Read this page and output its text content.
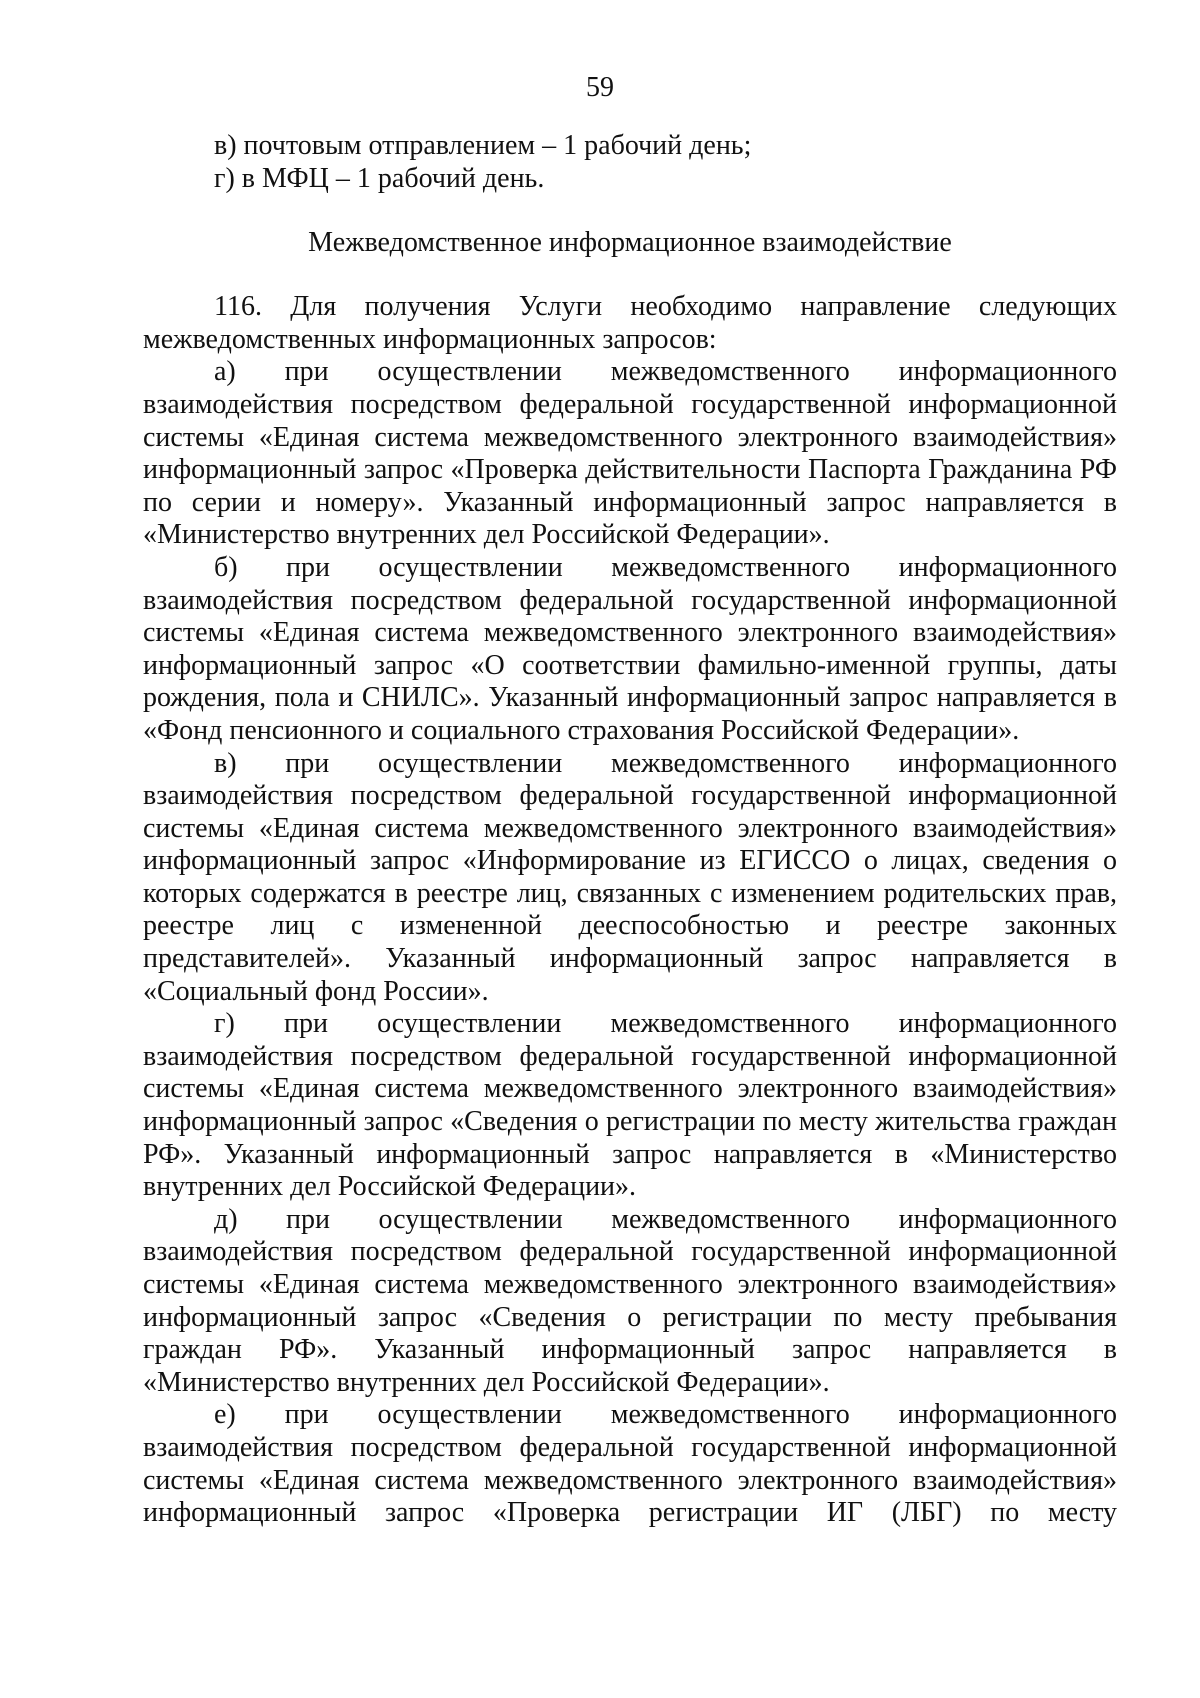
59

в) почтовым отправлением – 1 рабочий день;

г) в МФЦ – 1 рабочий день.

Межведомственное информационное взаимодействие

116. Для получения Услуги необходимо направление следующих

межведомственных информационных запросов:

а) при осуществлении межведомственного информационного

взаимодействия посредством федеральной государственной информационной

системы «Единая система межведомственного электронного взаимодействия»

информационный запрос «Проверка действительности Паспорта Гражданина РФ

по серии и номеру». Указанный информационный запрос направляется в

«Министерство внутренних дел Российской Федерации».

б) при осуществлении межведомственного информационного

взаимодействия посредством федеральной государственной информационной

системы «Единая система межведомственного электронного взаимодействия»

информационный запрос «О соответствии фамильно-именной группы, даты

рождения, пола и СНИЛС». Указанный информационный запрос направляется в

«Фонд пенсионного и социального страхования Российской Федерации».

в) при осуществлении межведомственного информационного

взаимодействия посредством федеральной государственной информационной

системы «Единая система межведомственного электронного взаимодействия»

информационный запрос «Информирование из ЕГИССО о лицах, сведения о

которых содержатся в реестре лиц, связанных с изменением родительских прав,

реестре лиц с измененной дееспособностью и реестре законных

представителей». Указанный информационный запрос направляется в

«Социальный фонд России».

г) при осуществлении межведомственного информационного

взаимодействия посредством федеральной государственной информационной

системы «Единая система межведомственного электронного взаимодействия»

информационный запрос «Сведения о регистрации по месту жительства граждан

РФ». Указанный информационный запрос направляется в «Министерство

внутренних дел Российской Федерации».

д) при осуществлении межведомственного информационного

взаимодействия посредством федеральной государственной информационной

системы «Единая система межведомственного электронного взаимодействия»

информационный запрос «Сведения о регистрации по месту пребывания

граждан РФ». Указанный информационный запрос направляется в

«Министерство внутренних дел Российской Федерации».

е) при осуществлении межведомственного информационного

взаимодействия посредством федеральной государственной информационной

системы «Единая система межведомственного электронного взаимодействия»

информационный запрос «Проверка регистрации ИГ (ЛБГ) по месту
